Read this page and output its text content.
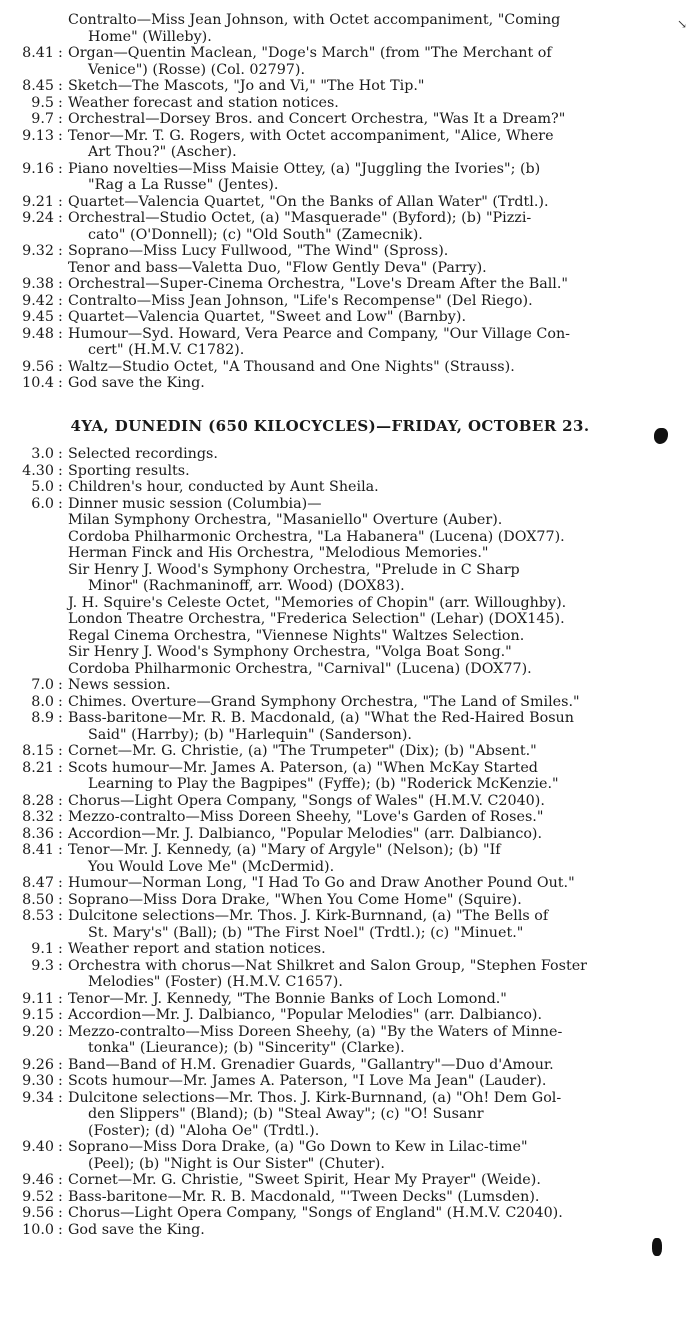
↘
Contralto—Miss Jean Johnson, with Octet accompaniment, "Coming
Home" (Willeby).
8.41 : Organ—Quentin Maclean, "Doge's March" (from "The Merchant of
Venice") (Rosse) (Col. 02797).
8.45 : Sketch—The Mascots, "Jo and Vi," "The Hot Tip."
9.5 : Weather forecast and station notices.
9.7 : Orchestral—Dorsey Bros. and Concert Orchestra, "Was It a Dream?"
9.13 : Tenor—Mr. T. G. Rogers, with Octet accompaniment, "Alice, Where
Art Thou?" (Ascher).
9.16 : Piano novelties—Miss Maisie Ottey, (a) "Juggling the Ivories"; (b)
"Rag a La Russe" (Jentes).
9.21 : Quartet—Valencia Quartet, "On the Banks of Allan Water" (Trdtl.).
9.24 : Orchestral—Studio Octet, (a) "Masquerade" (Byford); (b) "Pizzi-
cato" (O'Donnell); (c) "Old South" (Zamecnik).
9.32 : Soprano—Miss Lucy Fullwood, "The Wind" (Spross).
Tenor and bass—Valetta Duo, "Flow Gently Deva" (Parry).
9.38 : Orchestral—Super-Cinema Orchestra, "Love's Dream After the Ball."
9.42 : Contralto—Miss Jean Johnson, "Life's Recompense" (Del Riego).
9.45 : Quartet—Valencia Quartet, "Sweet and Low" (Barnby).
9.48 : Humour—Syd. Howard, Vera Pearce and Company, "Our Village Con-
cert" (H.M.V. C1782).
9.56 : Waltz—Studio Octet, "A Thousand and One Nights" (Strauss).
10.4 : God save the King.
4YA, DUNEDIN (650 KILOCYCLES)—FRIDAY, OCTOBER 23.
3.0 : Selected recordings.
4.30 : Sporting results.
5.0 : Children's hour, conducted by Aunt Sheila.
6.0 : Dinner music session (Columbia)—
Milan Symphony Orchestra, "Masaniello" Overture (Auber).
Cordoba Philharmonic Orchestra, "La Habanera" (Lucena) (DOX77).
Herman Finck and His Orchestra, "Melodious Memories."
Sir Henry J. Wood's Symphony Orchestra, "Prelude in C Sharp
Minor" (Rachmaninoff, arr. Wood) (DOX83).
J. H. Squire's Celeste Octet, "Memories of Chopin" (arr. Willoughby).
London Theatre Orchestra, "Frederica Selection" (Lehar) (DOX145).
Regal Cinema Orchestra, "Viennese Nights" Waltzes Selection.
Sir Henry J. Wood's Symphony Orchestra, "Volga Boat Song."
Cordoba Philharmonic Orchestra, "Carnival" (Lucena) (DOX77).
7.0 : News session.
8.0 : Chimes. Overture—Grand Symphony Orchestra, "The Land of Smiles."
8.9 : Bass-baritone—Mr. R. B. Macdonald, (a) "What the Red-Haired Bosun
Said" (Harrby); (b) "Harlequin" (Sanderson).
8.15 : Cornet—Mr. G. Christie, (a) "The Trumpeter" (Dix); (b) "Absent."
8.21 : Scots humour—Mr. James A. Paterson, (a) "When McKay Started
Learning to Play the Bagpipes" (Fyffe); (b) "Roderick McKenzie."
8.28 : Chorus—Light Opera Company, "Songs of Wales" (H.M.V. C2040).
8.32 : Mezzo-contralto—Miss Doreen Sheehy, "Love's Garden of Roses."
8.36 : Accordion—Mr. J. Dalbianco, "Popular Melodies" (arr. Dalbianco).
8.41 : Tenor—Mr. J. Kennedy, (a) "Mary of Argyle" (Nelson); (b) "If
You Would Love Me" (McDermid).
8.47 : Humour—Norman Long, "I Had To Go and Draw Another Pound Out."
8.50 : Soprano—Miss Dora Drake, "When You Come Home" (Squire).
8.53 : Dulcitone selections—Mr. Thos. J. Kirk-Burnnand, (a) "The Bells of
St. Mary's" (Ball); (b) "The First Noel" (Trdtl.); (c) "Minuet."
9.1 : Weather report and station notices.
9.3 : Orchestra with chorus—Nat Shilkret and Salon Group, "Stephen Foster
Melodies" (Foster) (H.M.V. C1657).
9.11 : Tenor—Mr. J. Kennedy, "The Bonnie Banks of Loch Lomond."
9.15 : Accordion—Mr. J. Dalbianco, "Popular Melodies" (arr. Dalbianco).
9.20 : Mezzo-contralto—Miss Doreen Sheehy, (a) "By the Waters of Minne-
tonka" (Lieurance); (b) "Sincerity" (Clarke).
9.26 : Band—Band of H.M. Grenadier Guards, "Gallantry"—Duo d'Amour.
9.30 : Scots humour—Mr. James A. Paterson, "I Love Ma Jean" (Lauder).
9.34 : Dulcitone selections—Mr. Thos. J. Kirk-Burnnand, (a) "Oh! Dem Gol-
den Slippers" (Bland); (b) "Steal Away"; (c) "O! Susanr
(Foster); (d) "Aloha Oe" (Trdtl.).
9.40 : Soprano—Miss Dora Drake, (a) "Go Down to Kew in Lilac-time"
(Peel); (b) "Night is Our Sister" (Chuter).
9.46 : Cornet—Mr. G. Christie, "Sweet Spirit, Hear My Prayer" (Weide).
9.52 : Bass-baritone—Mr. R. B. Macdonald, "'Tween Decks" (Lumsden).
9.56 : Chorus—Light Opera Company, "Songs of England" (H.M.V. C2040).
10.0 : God save the King.
